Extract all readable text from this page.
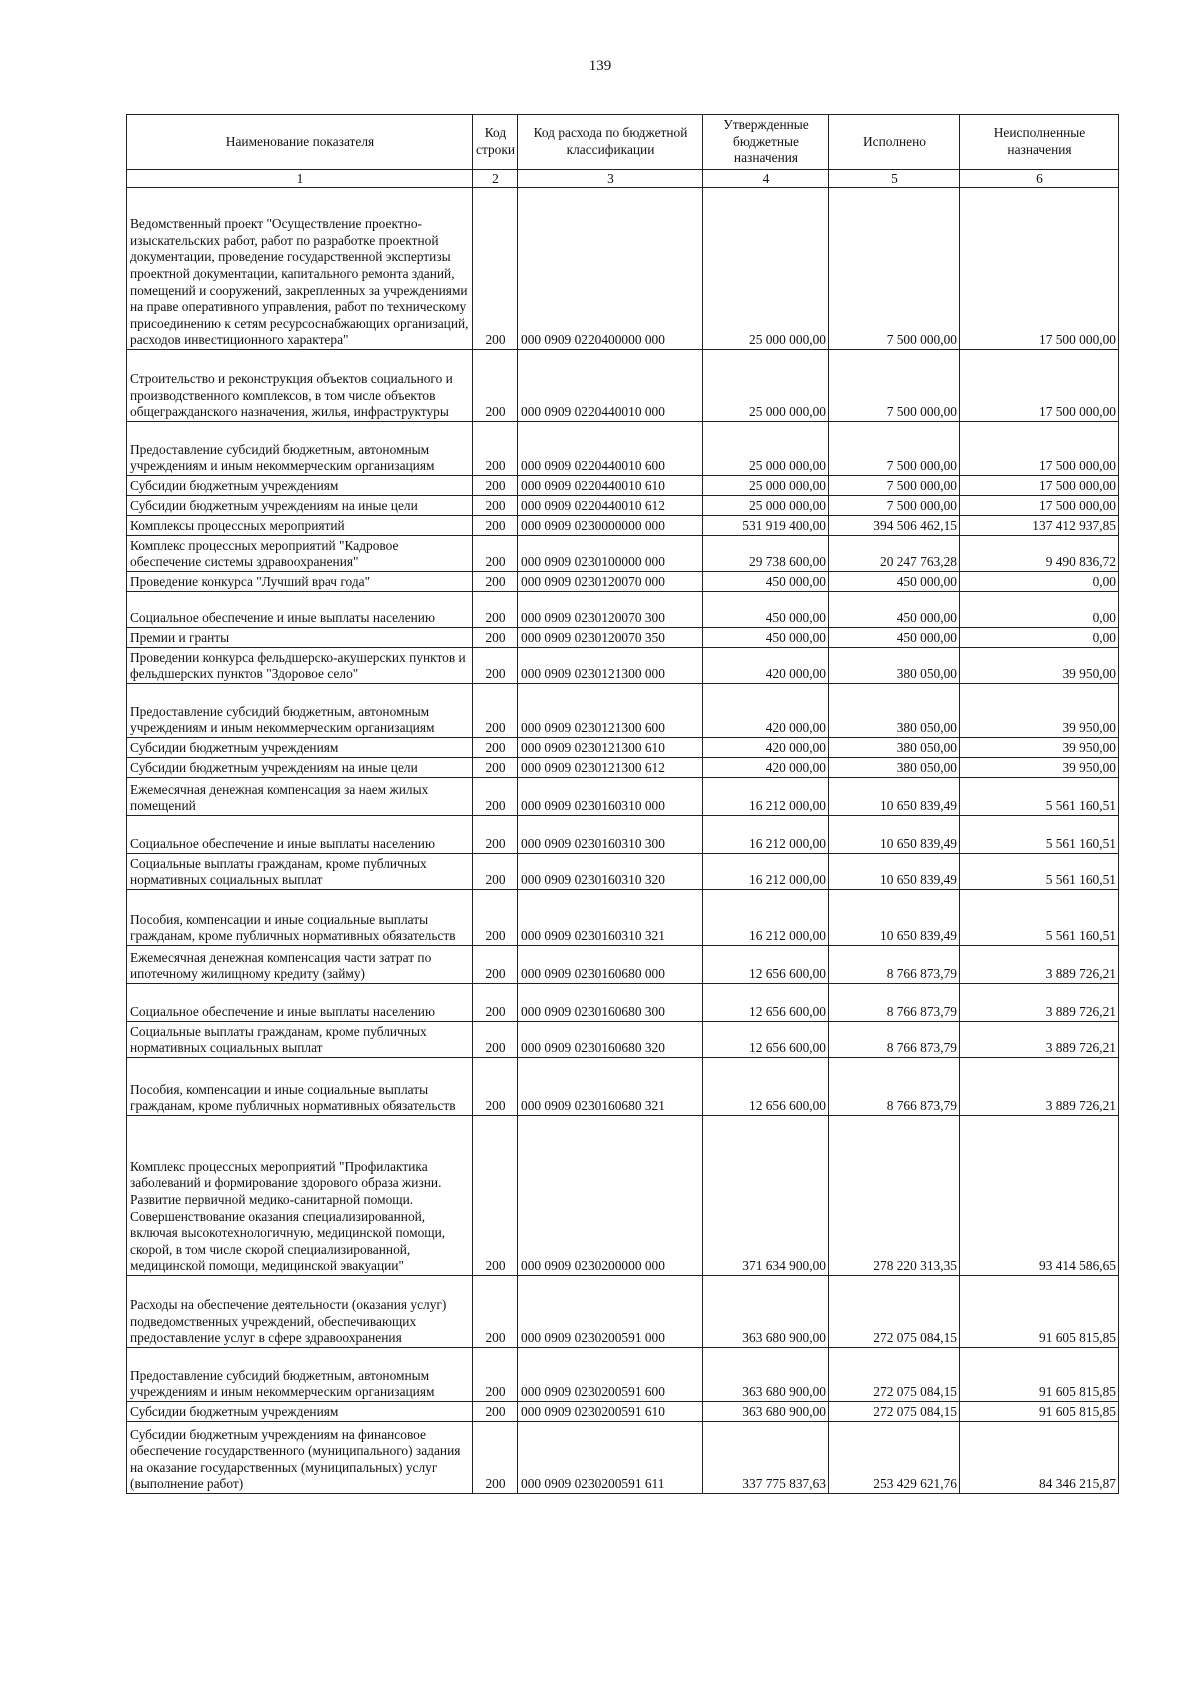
139
Наименование показателя	Код строки	Код расхода по бюджетной классификации	Утвержденные бюджетные назначения	Исполнено	Неисполненные назначения
1	2	3	4	5	6
Ведомственный проект "Осуществление проектно-изыскательских работ, работ по разработке проектной документации, проведение государственной экспертизы проектной документации, капитального ремонта зданий, помещений и сооружений, закрепленных за учреждениями на праве оперативного управления, работ по техническому присоединению к сетям ресурсоснабжающих организаций, расходов инвестиционного характера"	200	000 0909 0220400000 000	25 000 000,00	7 500 000,00	17 500 000,00
Строительство и реконструкция объектов социального и производственного комплексов, в том числе объектов общегражданского назначения, жилья, инфраструктуры	200	000 0909 0220440010 000	25 000 000,00	7 500 000,00	17 500 000,00
Предоставление субсидий бюджетным, автономным учреждениям и иным некоммерческим организациям	200	000 0909 0220440010 600	25 000 000,00	7 500 000,00	17 500 000,00
Субсидии бюджетным учреждениям	200	000 0909 0220440010 610	25 000 000,00	7 500 000,00	17 500 000,00
Субсидии бюджетным учреждениям на иные цели	200	000 0909 0220440010 612	25 000 000,00	7 500 000,00	17 500 000,00
Комплексы процессных мероприятий	200	000 0909 0230000000 000	531 919 400,00	394 506 462,15	137 412 937,85
Комплекс процессных мероприятий "Кадровое обеспечение системы здравоохранения"	200	000 0909 0230100000 000	29 738 600,00	20 247 763,28	9 490 836,72
Проведение конкурса "Лучший врач года"	200	000 0909 0230120070 000	450 000,00	450 000,00	0,00
Социальное обеспечение и иные выплаты населению	200	000 0909 0230120070 300	450 000,00	450 000,00	0,00
Премии и гранты	200	000 0909 0230120070 350	450 000,00	450 000,00	0,00
Проведении конкурса фельдшерско-акушерских пунктов и фельдшерских пунктов "Здоровое село"	200	000 0909 0230121300 000	420 000,00	380 050,00	39 950,00
Предоставление субсидий бюджетным, автономным учреждениям и иным некоммерческим организациям	200	000 0909 0230121300 600	420 000,00	380 050,00	39 950,00
Субсидии бюджетным учреждениям	200	000 0909 0230121300 610	420 000,00	380 050,00	39 950,00
Субсидии бюджетным учреждениям на иные цели	200	000 0909 0230121300 612	420 000,00	380 050,00	39 950,00
Ежемесячная денежная компенсация за наем жилых помещений	200	000 0909 0230160310 000	16 212 000,00	10 650 839,49	5 561 160,51
Социальное обеспечение и иные выплаты населению	200	000 0909 0230160310 300	16 212 000,00	10 650 839,49	5 561 160,51
Социальные выплаты гражданам, кроме публичных нормативных социальных выплат	200	000 0909 0230160310 320	16 212 000,00	10 650 839,49	5 561 160,51
Пособия, компенсации и иные социальные выплаты гражданам, кроме публичных нормативных обязательств	200	000 0909 0230160310 321	16 212 000,00	10 650 839,49	5 561 160,51
Ежемесячная денежная компенсация части затрат по ипотечному жилищному кредиту (займу)	200	000 0909 0230160680 000	12 656 600,00	8 766 873,79	3 889 726,21
Социальное обеспечение и иные выплаты населению	200	000 0909 0230160680 300	12 656 600,00	8 766 873,79	3 889 726,21
Социальные выплаты гражданам, кроме публичных нормативных социальных выплат	200	000 0909 0230160680 320	12 656 600,00	8 766 873,79	3 889 726,21
Пособия, компенсации и иные социальные выплаты гражданам, кроме публичных нормативных обязательств	200	000 0909 0230160680 321	12 656 600,00	8 766 873,79	3 889 726,21
Комплекс процессных мероприятий "Профилактика заболеваний и формирование здорового образа жизни. Развитие первичной медико-санитарной помощи. Совершенствование оказания специализированной, включая высокотехнологичную, медицинской помощи, скорой, в том числе скорой специализированной, медицинской помощи, медицинской эвакуации"	200	000 0909 0230200000 000	371 634 900,00	278 220 313,35	93 414 586,65
Расходы на обеспечение деятельности (оказания услуг) подведомственных учреждений, обеспечивающих предоставление услуг в сфере здравоохранения	200	000 0909 0230200591 000	363 680 900,00	272 075 084,15	91 605 815,85
Предоставление субсидий бюджетным, автономным учреждениям и иным некоммерческим организациям	200	000 0909 0230200591 600	363 680 900,00	272 075 084,15	91 605 815,85
Субсидии бюджетным учреждениям	200	000 0909 0230200591 610	363 680 900,00	272 075 084,15	91 605 815,85
Субсидии бюджетным учреждениям на финансовое обеспечение государственного (муниципального) задания на оказание государственных (муниципальных) услуг (выполнение работ)	200	000 0909 0230200591 611	337 775 837,63	253 429 621,76	84 346 215,87
